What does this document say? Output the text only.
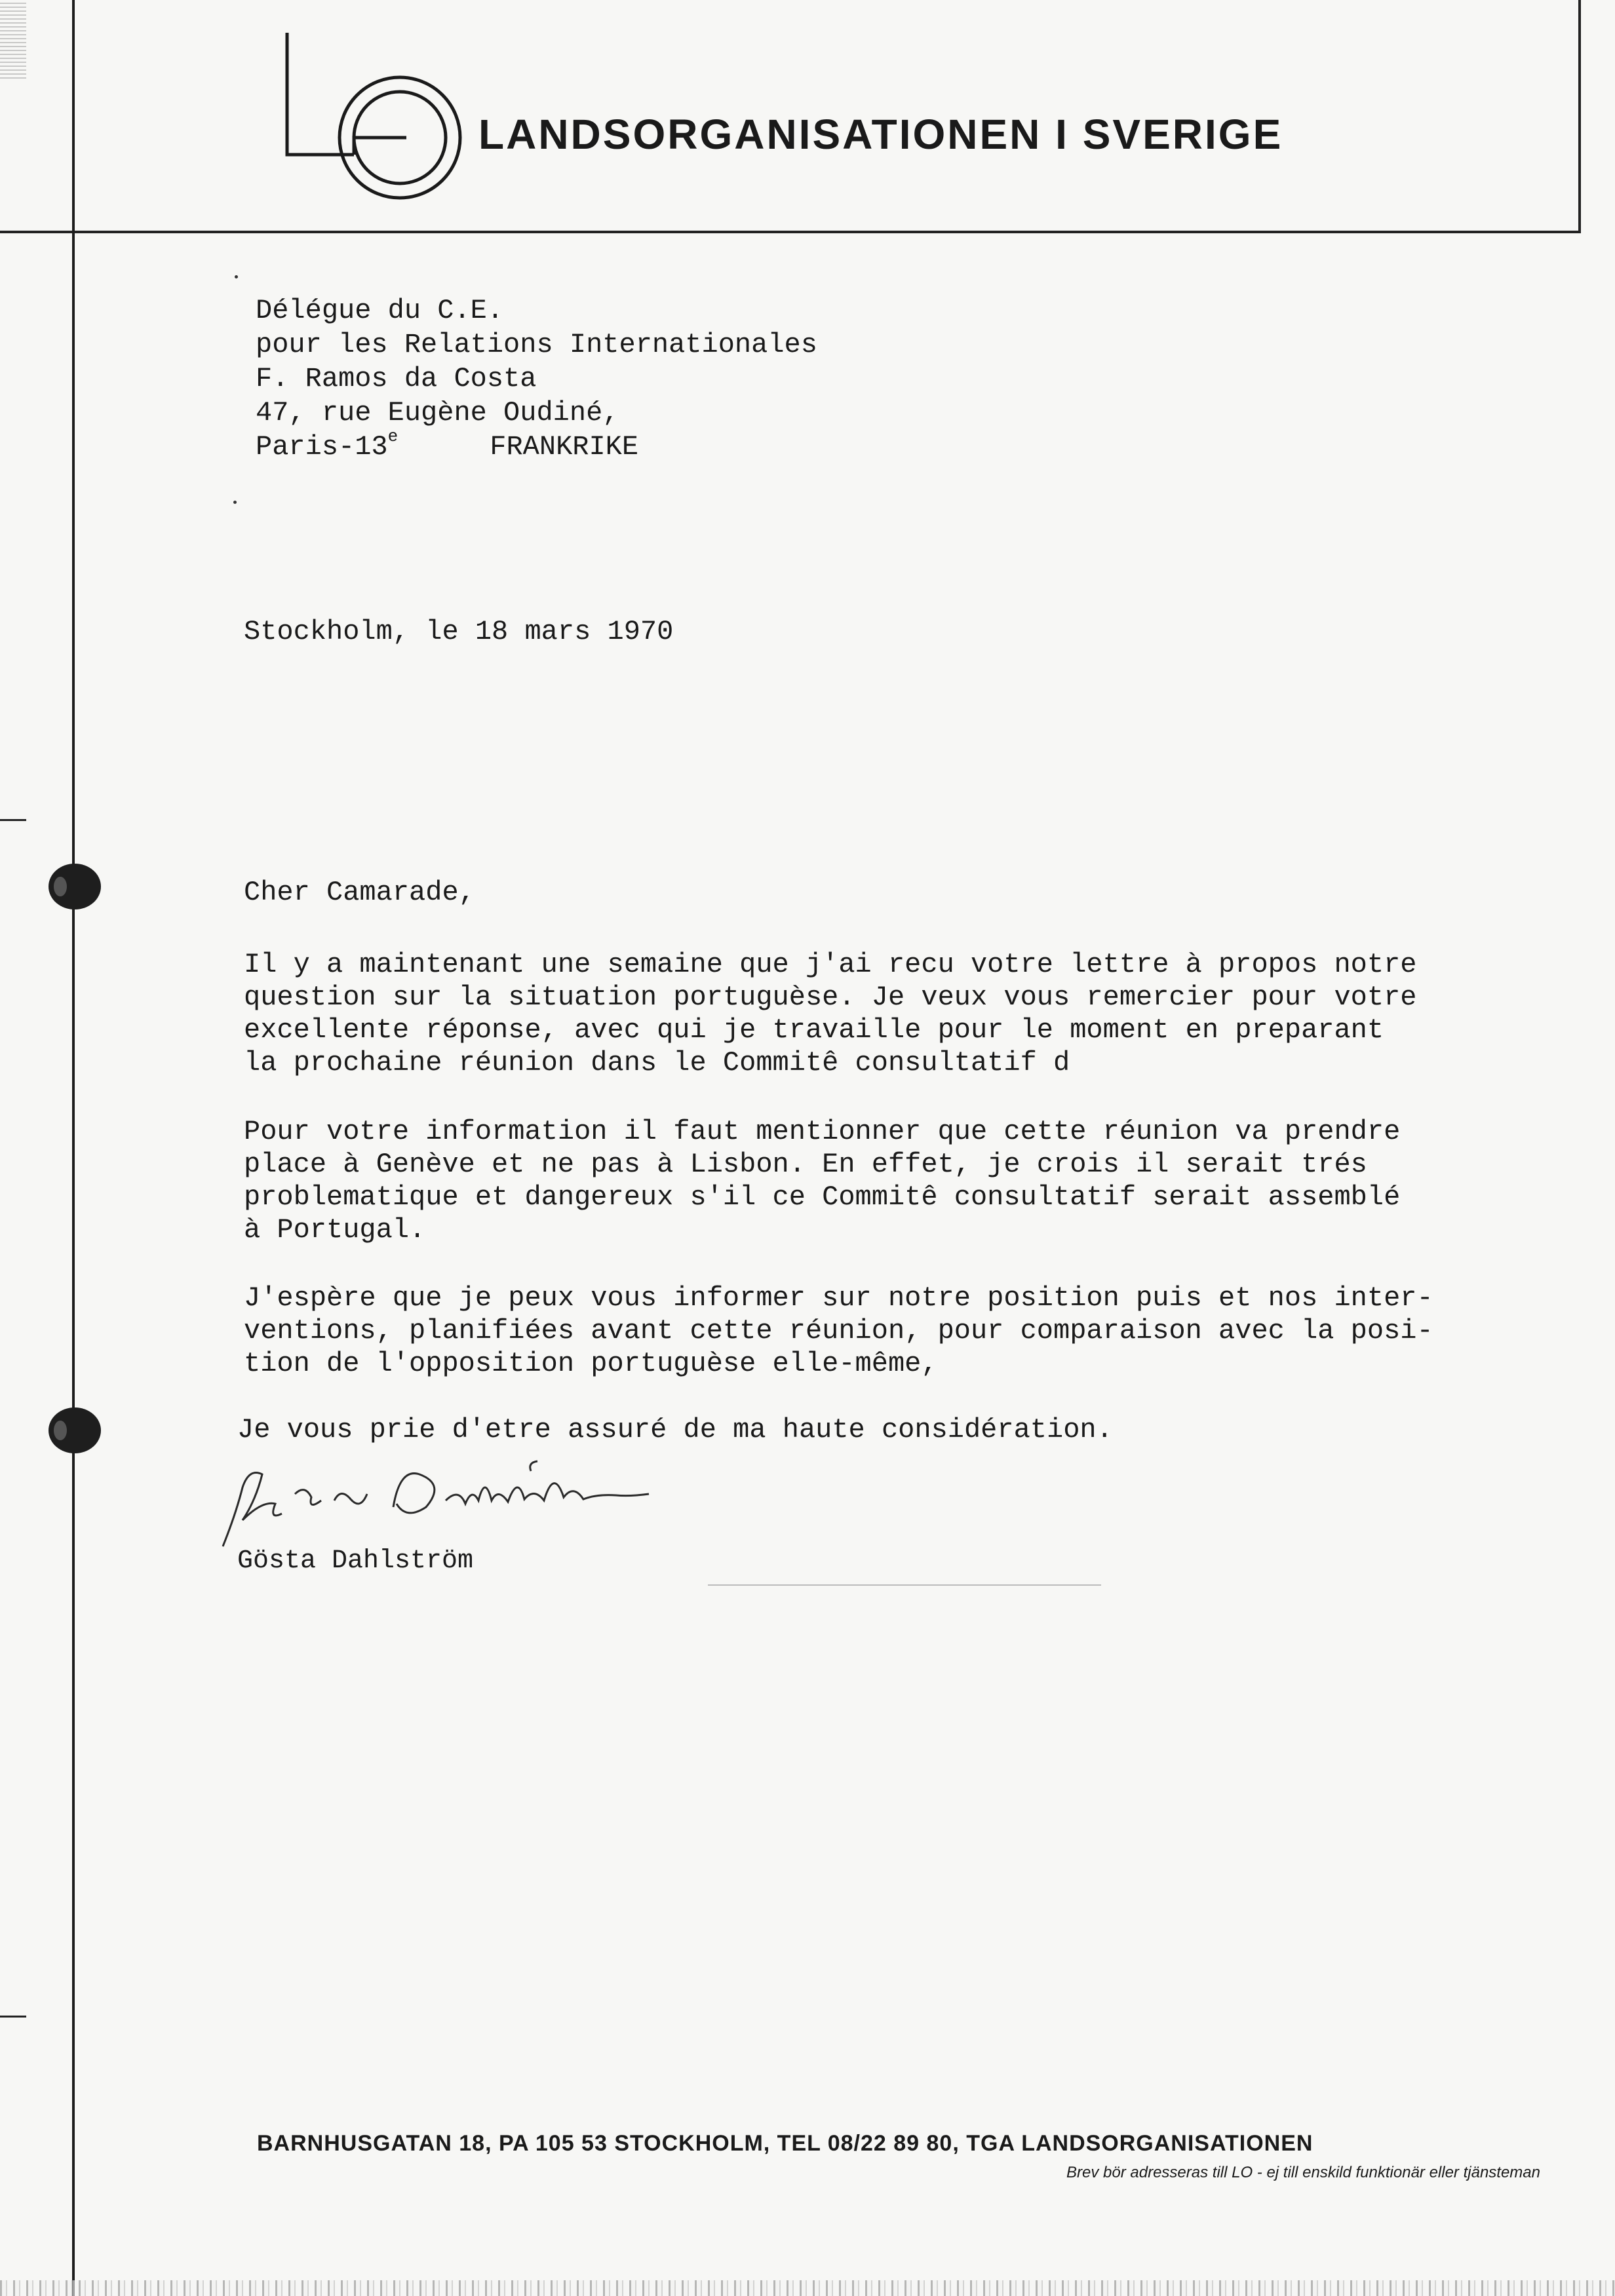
LANDSORGANISATIONEN I SVERIGE
Délégue du C.E.
pour les Relations Internationales
F. Ramos da Costa
47, rue Eugène Oudiné,
Paris-13e	FRANKRIKE
Stockholm, le 18 mars 1970
Cher Camarade,
Il y a maintenant une semaine que j'ai recu votre lettre à propos notre
question sur la situation portuguèse. Je veux vous remercier pour votre
excellente réponse, avec qui je travaille pour le moment en preparant
la prochaine réunion dans le Commitê consultatif d
Pour votre information il faut mentionner que cette réunion va prendre
place à Genève et ne pas à Lisbon. En effet, je crois il serait trés
problematique et dangereux s'il ce Commitê consultatif serait assemblé
à Portugal.
J'espère que je peux vous informer sur notre position puis et nos inter-
ventions, planifiées avant cette réunion, pour comparaison avec la posi-
tion de l'opposition portuguèse elle-même,
Je vous prie d'etre assuré de ma haute considération.
Gösta Dahlström
BARNHUSGATAN 18, PA 105 53 STOCKHOLM, TEL 08/22 89 80, TGA LANDSORGANISATIONEN
Brev bör adresseras till LO - ej till enskild funktionär eller tjänsteman
